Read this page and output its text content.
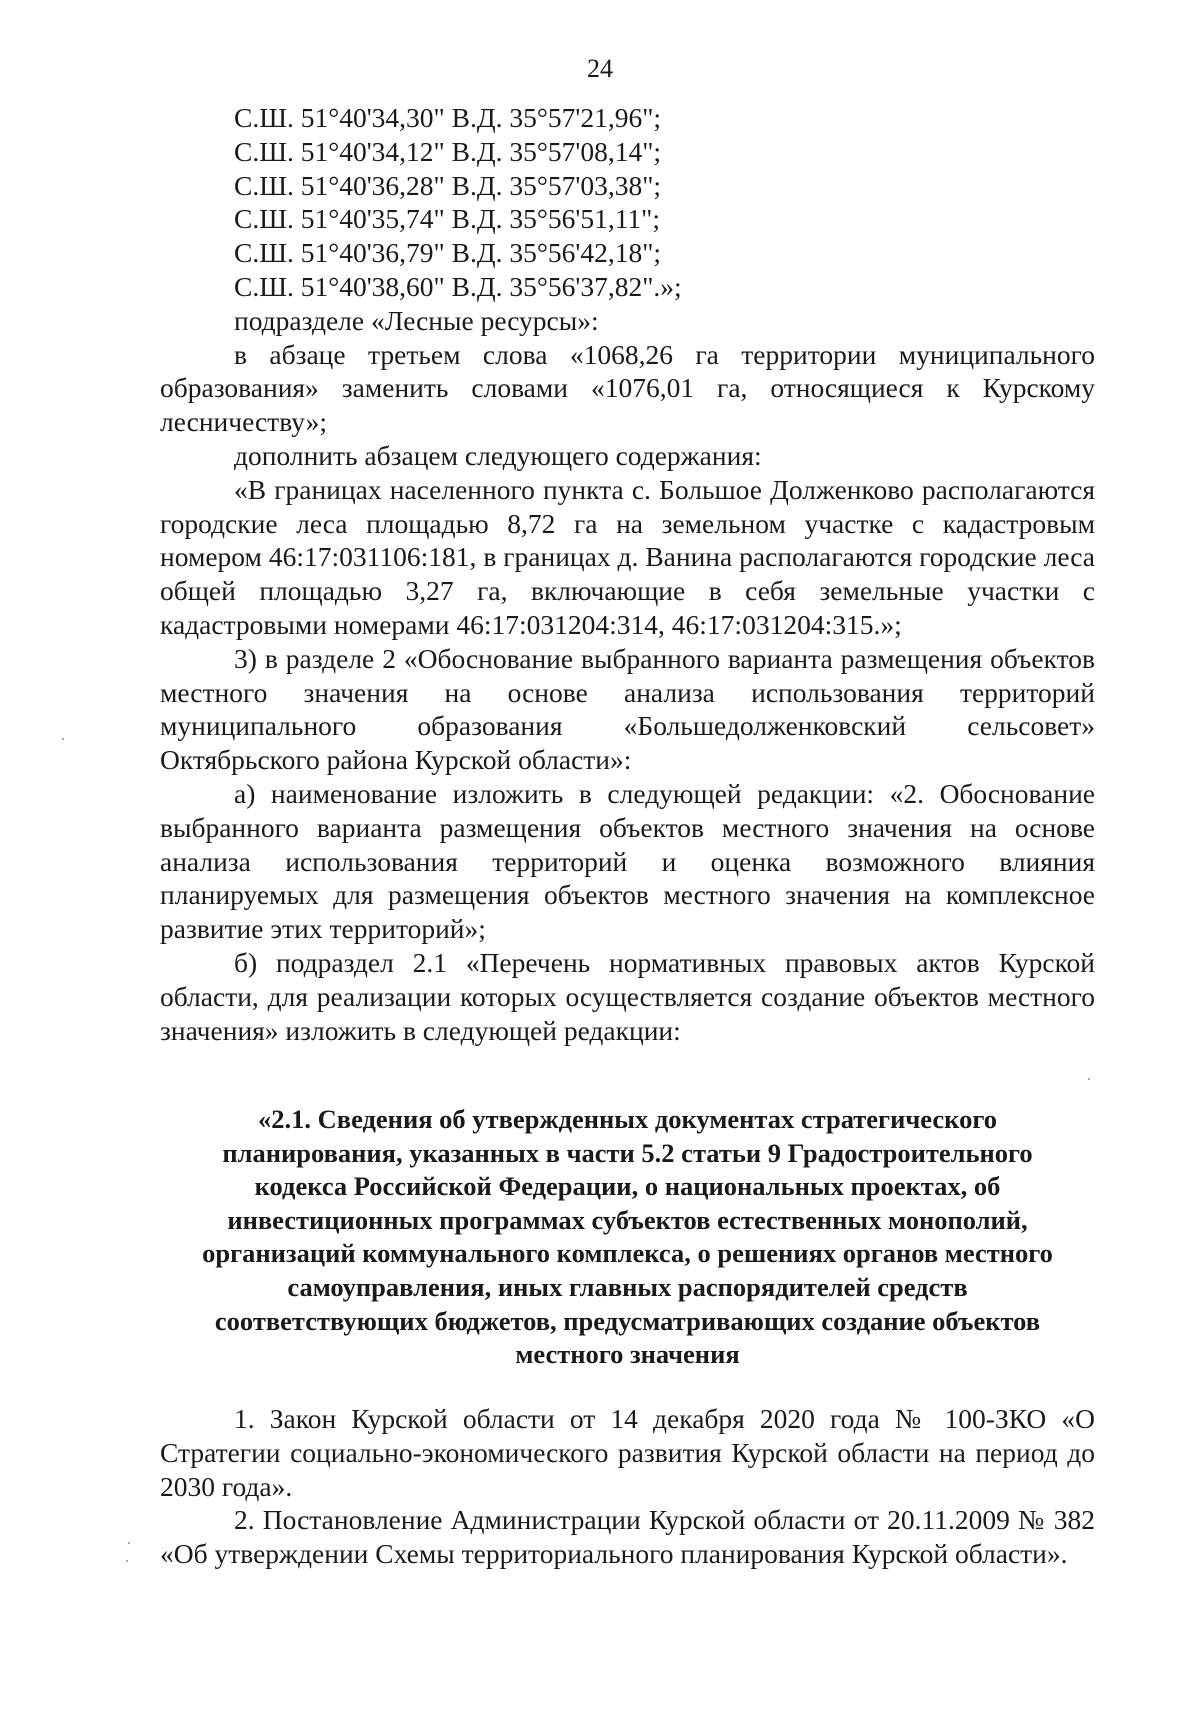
24

С.Ш. 51°40'34,30" В.Д. 35°57'21,96";

С.Ш. 51°40'34,12" В.Д. 35°57'08,14";

С.Ш. 51°40'36,28" В.Д. 35°57'03,38";

С.Ш. 51°40'35,74" В.Д. 35°56'51,11";

С.Ш. 51°40'36,79" В.Д. 35°56'42,18";

С.Ш. 51°40'38,60" В.Д. 35°56'37,82".»;

подразделе «Лесные ресурсы»:

в абзаце третьем слова «1068,26 га территории муниципального образования» заменить словами «1076,01 га, относящиеся к Курскому лесничеству»;

дополнить абзацем следующего содержания:

«В границах населенного пункта с. Большое Долженково располагаются городские леса площадью 8,72 га на земельном участке с кадастровым номером 46:17:031106:181, в границах д. Ванина располагаются городские леса общей площадью 3,27 га, включающие в себя земельные участки с кадастровыми номерами 46:17:031204:314, 46:17:031204:315.»;

3) в разделе 2 «Обоснование выбранного варианта размещения объектов местного значения на основе анализа использования территорий муниципального образования «Большедолженковский сельсовет» Октябрьского района Курской области»:

а) наименование изложить в следующей редакции: «2. Обоснование выбранного варианта размещения объектов местного значения на основе анализа использования территорий и оценка возможного влияния планируемых для размещения объектов местного значения на комплексное развитие этих территорий»;

б) подраздел 2.1 «Перечень нормативных правовых актов Курской области, для реализации которых осуществляется создание объектов местного значения» изложить в следующей редакции:

«2.1. Сведения об утвержденных документах стратегического
планирования, указанных в части 5.2 статьи 9 Градостроительного
кодекса Российской Федерации, о национальных проектах, об
инвестиционных программах субъектов естественных монополий,
организаций коммунального комплекса, о решениях органов местного
самоуправления, иных главных распорядителей средств
соответствующих бюджетов, предусматривающих создание объектов
местного значения

1. Закон Курской области от 14 декабря 2020 года № 100-ЗКО «О Стратегии социально-экономического развития Курской области на период до 2030 года».

2. Постановление Администрации Курской области от 20.11.2009 № 382 «Об утверждении Схемы территориального планирования Курской области».
